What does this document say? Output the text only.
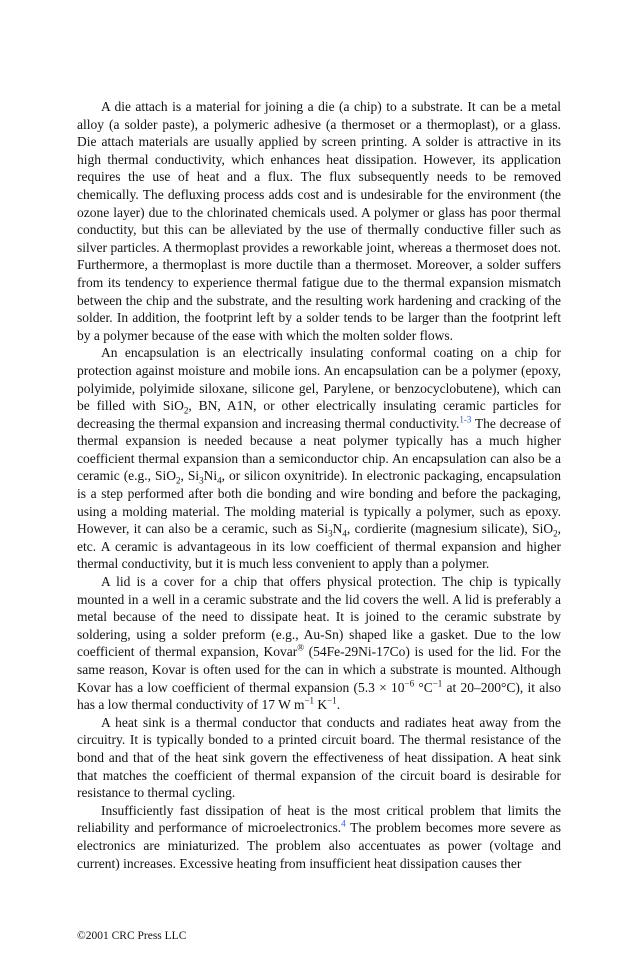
A die attach is a material for joining a die (a chip) to a substrate. It can be a metal alloy (a solder paste), a polymeric adhesive (a thermoset or a thermoplast), or a glass. Die attach materials are usually applied by screen printing. A solder is attractive in its high thermal conductivity, which enhances heat dissipation. However, its application requires the use of heat and a flux. The flux subsequently needs to be removed chemically. The defluxing process adds cost and is undesirable for the environment (the ozone layer) due to the chlorinated chemicals used. A polymer or glass has poor thermal conductity, but this can be alleviated by the use of thermally conductive filler such as silver particles. A thermoplast provides a reworkable joint, whereas a thermoset does not. Furthermore, a thermoplast is more ductile than a thermoset. Moreover, a solder suffers from its tendency to experience thermal fatigue due to the thermal expansion mismatch between the chip and the substrate, and the resulting work hardening and cracking of the solder. In addition, the footprint left by a solder tends to be larger than the footprint left by a polymer because of the ease with which the molten solder flows.

An encapsulation is an electrically insulating conformal coating on a chip for protection against moisture and mobile ions. An encapsulation can be a polymer (epoxy, polyimide, polyimide siloxane, silicone gel, Parylene, or benzocyclobutene), which can be filled with SiO$_2$, BN, A1N, or other electrically insulating ceramic particles for decreasing the thermal expansion and increasing thermal conductivity.$^{1-3}$ The decrease of thermal expansion is needed because a neat polymer typically has a much higher coefficient thermal expansion than a semiconductor chip. An encapsulation can also be a ceramic (e.g., SiO$_2$, $Si_3Ni_4$, or silicon oxynitride). In electronic packaging, encapsulation is a step performed after both die bonding and wire bonding and before the packaging, using a molding material. The molding material is typically a polymer, such as epoxy. However, it can also be a ceramic, such as $Si_3N_4$, cordierite (magnesium silicate), SiO$_2$, etc. A ceramic is advantageous in its low coefficient of thermal expansion and higher thermal conductivity, but it is much less convenient to apply than a polymer.

A lid is a cover for a chip that offers physical protection. The chip is typically mounted in a well in a ceramic substrate and the lid covers the well. A lid is preferably a metal because of the need to dissipate heat. It is joined to the ceramic substrate by soldering, using a solder preform (e.g., Au-Sn) shaped like a gasket. Due to the low coefficient of thermal expansion, Kovar® (54Fe-29Ni-17Co) is used for the lid. For the same reason, Kovar is often used for the can in which a substrate is mounted. Although Kovar has a low coefficient of thermal expansion ($5.3 \times 10^{-6}$ $^\circ C^{-1}$ at 20–200°C), it also has a low thermal conductivity of 17 W $m^{-1}$ $K^{-1}$.

A heat sink is a thermal conductor that conducts and radiates heat away from the circuitry. It is typically bonded to a printed circuit board. The thermal resistance of the bond and that of the heat sink govern the effectiveness of heat dissipation. A heat sink that matches the coefficient of thermal expansion of the circuit board is desirable for resistance to thermal cycling.

Insufficiently fast dissipation of heat is the most critical problem that limits the reliability and performance of microelectronics.$^4$ The problem becomes more severe as electronics are miniaturized. The problem also accentuates as power (voltage and current) increases. Excessive heating from insufficient heat dissipation causes ther

©2001 CRC Press LLC
